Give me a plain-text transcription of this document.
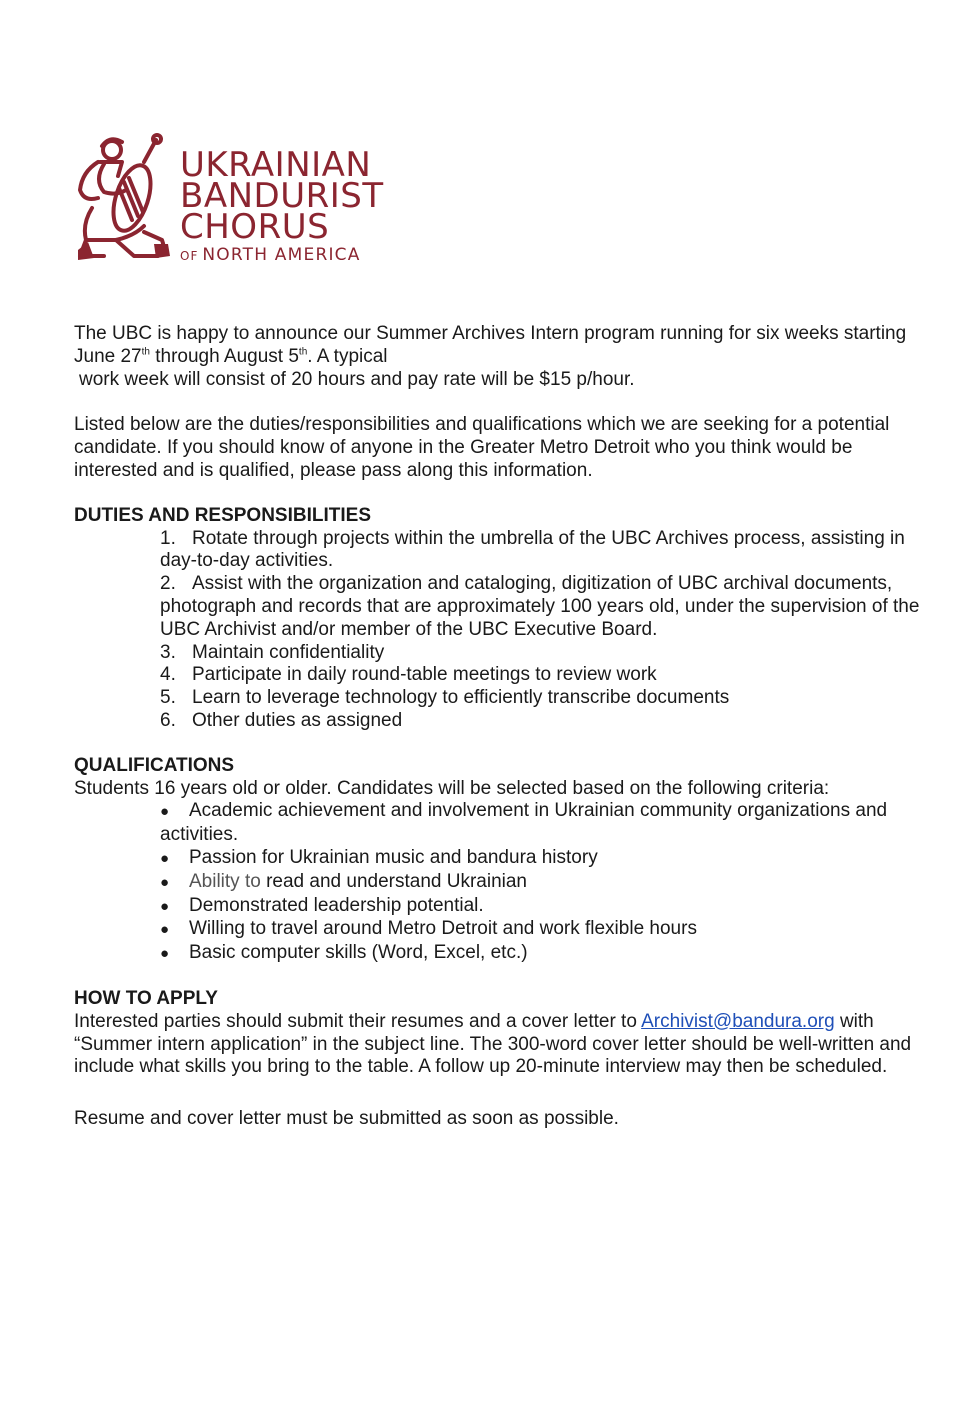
UKRAINIAN
BANDURIST
CHORUS
OF NORTH AMERICA

The UBC is happy to announce our Summer Archives Intern program running for six weeks starting June 27th through August 5th. A typical

work week will consist of 20 hours and pay rate will be $15 p/hour.

Listed below are the duties/responsibilities and qualifications which we are seeking for a potential candidate. If you should know of anyone in the Greater Metro Detroit who you think would be interested and is qualified, please pass along this information.

DUTIES AND RESPONSIBILITIES

1. Rotate through projects within the umbrella of the UBC Archives process, assisting in day-to-day activities.
2. Assist with the organization and cataloging, digitization of UBC archival documents, photograph and records that are approximately 100 years old, under the supervision of the UBC Archivist and/or member of the UBC Executive Board.
3. Maintain confidentiality
4. Participate in daily round-table meetings to review work
5. Learn to leverage technology to efficiently transcribe documents
6. Other duties as assigned

QUALIFICATIONS

Students 16 years old or older. Candidates will be selected based on the following criteria:

● Academic achievement and involvement in Ukrainian community organizations and activities.
● Passion for Ukrainian music and bandura history
● Ability to read and understand Ukrainian
● Demonstrated leadership potential.
● Willing to travel around Metro Detroit and work flexible hours
● Basic computer skills (Word, Excel, etc.)

HOW TO APPLY

Interested parties should submit their resumes and a cover letter to Archivist@bandura.org with “Summer intern application” in the subject line. The 300-word cover letter should be well-written and include what skills you bring to the table. A follow up 20-minute interview may then be scheduled.

Resume and cover letter must be submitted as soon as possible.
